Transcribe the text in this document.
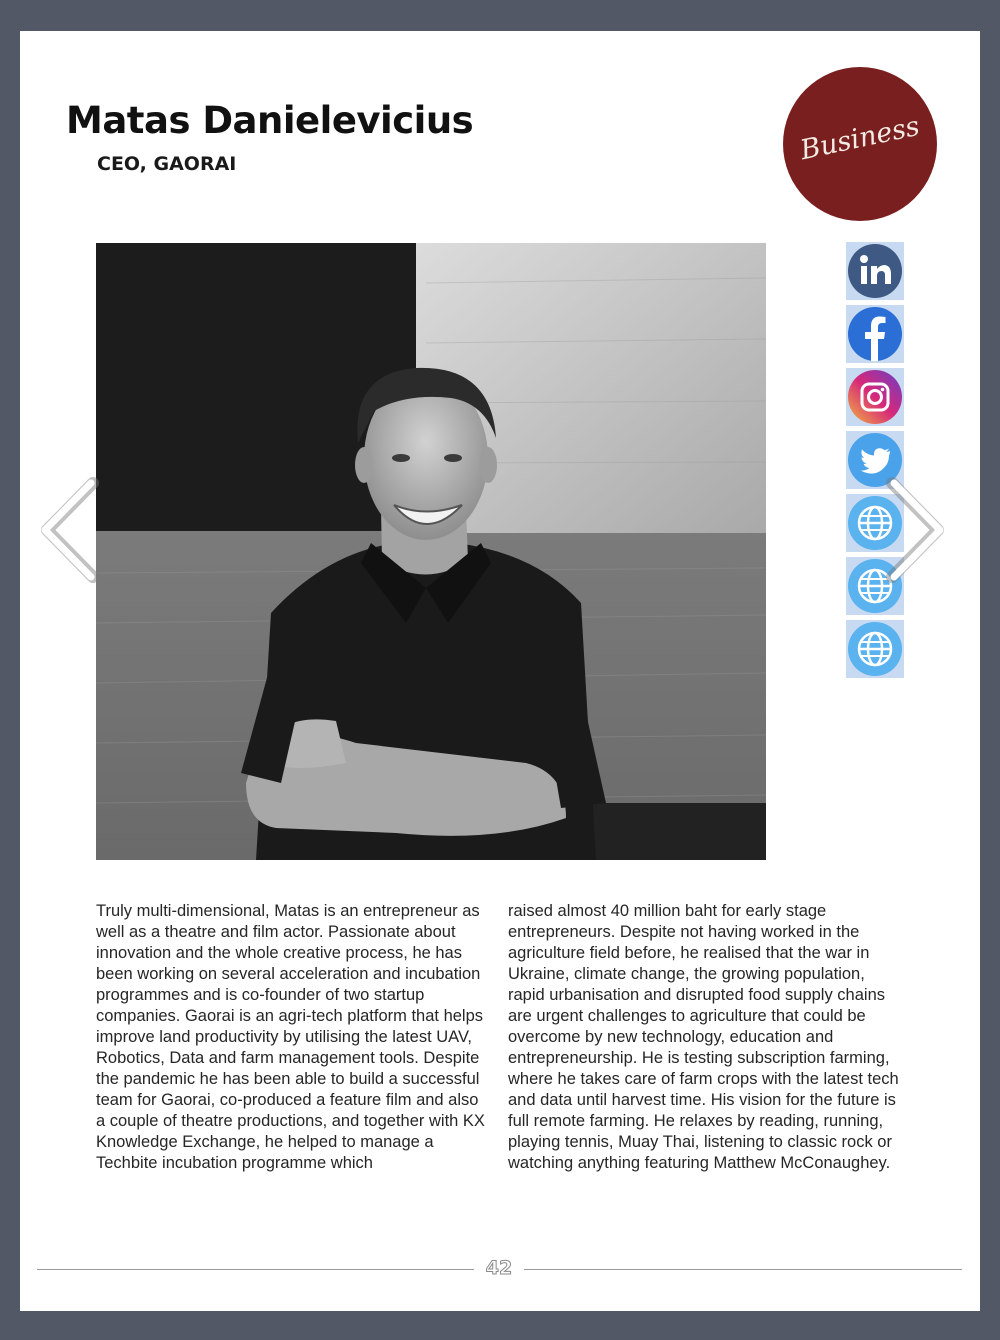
Matas Danielevicius
CEO, GAORAI	Business

Truly multi-dimensional, Matas is an entrepreneur as well as a theatre and film actor. Passionate about innovation and the whole creative process, he has been working on several acceleration and incubation programmes and is co-founder of two startup companies. Gaorai is an agri-tech platform that helps improve land productivity by utilising the latest UAV, Robotics, Data and farm management tools. Despite the pandemic he has been able to build a successful team for Gaorai, co-produced a feature film and also a couple of theatre productions, and together with KX Knowledge Exchange, he helped to manage a Techbite incubation programme which

raised almost 40 million baht for early stage entrepreneurs. Despite not having worked in the agriculture field before, he realised that the war in Ukraine, climate change, the growing population, rapid urbanisation and disrupted food supply chains are urgent challenges to agriculture that could be overcome by new technology, education and entrepreneurship. He is testing subscription farming, where he takes care of farm crops with the latest tech and data until harvest time. His vision for the future is full remote farming. He relaxes by reading, running, playing tennis, Muay Thai, listening to classic rock or watching anything featuring Matthew McConaughey.

42
